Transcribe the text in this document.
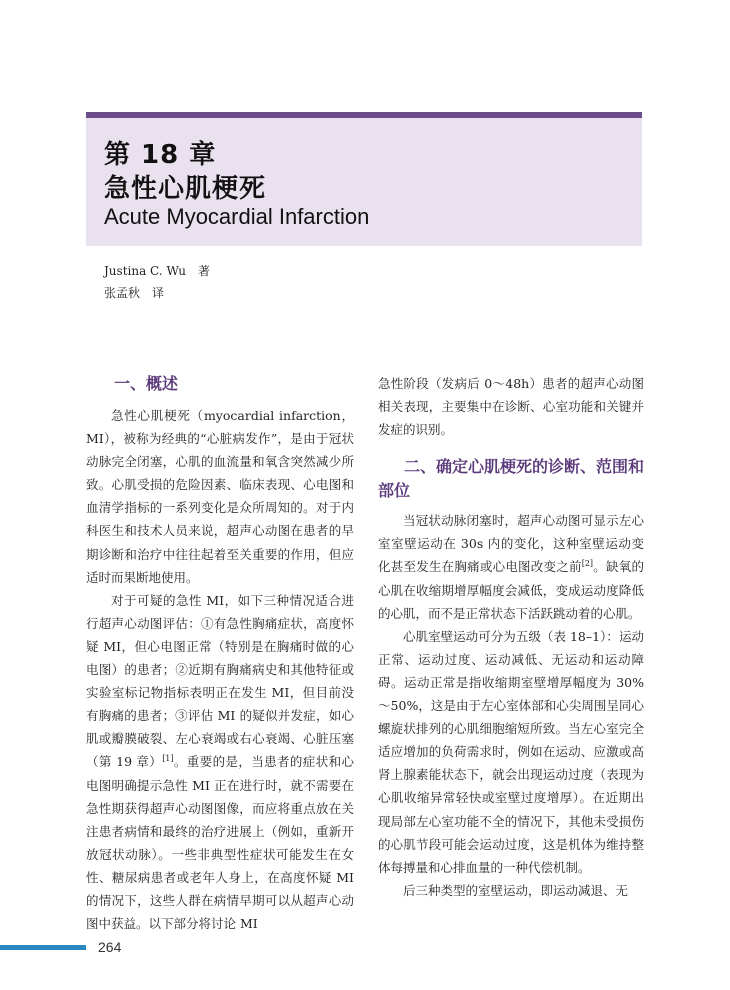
第 18 章
急性心肌梗死
Acute Myocardial Infarction
Justina C. Wu　著
张孟秋　译
一、概述

急性心肌梗死（myocardial infarction，MI），被称为经典的“心脏病发作”，是由于冠状动脉完全闭塞，心肌的血流量和氧含突然减少所致。心肌受损的危险因素、临床表现、心电图和血清学指标的一系列变化是众所周知的。对于内科医生和技术人员来说，超声心动图在患者的早期诊断和治疗中往往起着至关重要的作用，但应适时而果断地使用。

对于可疑的急性 MI，如下三种情况适合进行超声心动图评估：①有急性胸痛症状，高度怀疑 MI，但心电图正常（特别是在胸痛时做的心电图）的患者；②近期有胸痛病史和其他特征或实验室标记物指标表明正在发生 MI，但目前没有胸痛的患者；③评估 MI 的疑似并发症，如心肌或瓣膜破裂、左心衰竭或右心衰竭、心脏压塞（第 19 章）[1]。重要的是，当患者的症状和心电图明确提示急性 MI 正在进行时，就不需要在急性期获得超声心动图图像，而应将重点放在关注患者病情和最终的治疗进展上（例如，重新开放冠状动脉）。一些非典型性症状可能发生在女性、糖尿病患者或老年人身上，在高度怀疑 MI 的情况下，这些人群在病情早期可以从超声心动图中获益。以下部分将讨论 MI

急性阶段（发病后 0～48h）患者的超声心动图相关表现，主要集中在诊断、心室功能和关键并发症的识别。

二、确定心肌梗死的诊断、范围和部位

当冠状动脉闭塞时，超声心动图可显示左心室室壁运动在 30s 内的变化，这种室壁运动变化甚至发生在胸痛或心电图改变之前[2]。缺氧的心肌在收缩期增厚幅度会减低，变成运动度降低的心肌，而不是正常状态下活跃跳动着的心肌。

心肌室壁运动可分为五级（表 18–1）：运动正常、运动过度、运动减低、无运动和运动障碍。运动正常是指收缩期室壁增厚幅度为 30%～50%，这是由于左心室体部和心尖周围呈同心螺旋状排列的心肌细胞缩短所致。当左心室完全适应增加的负荷需求时，例如在运动、应激或高肾上腺素能状态下，就会出现运动过度（表现为心肌收缩异常轻快或室壁过度增厚）。在近期出现局部左心室功能不全的情况下，其他未受损伤的心肌节段可能会运动过度，这是机体为维持整体每搏量和心排血量的一种代偿机制。

后三种类型的室壁运动，即运动减退、无

264
